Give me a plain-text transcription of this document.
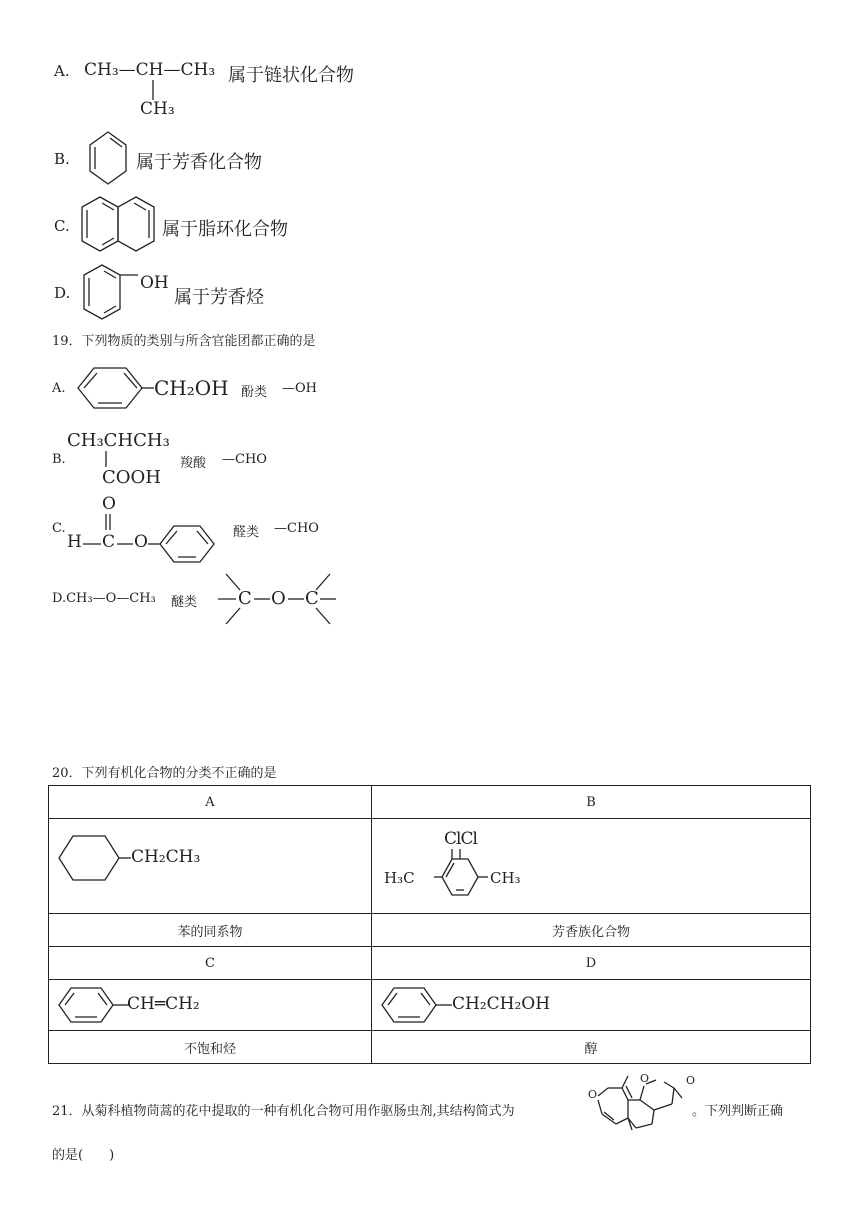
A. CH₃—CH—CH₃
CH₃
属于链状化合物
B.	属于芳香化合物
C.	属于脂环化合物
D.	OH
属于芳香烃
19．下列物质的类别与所含官能团都正确的是
A.	CH₂OH 酚类 —OH
B.
CH₃CHCH₃
COOH
羧酸 —CHO
C.
O
H C O	醛类 —CHO
D.CH₃—O—CH₃ 醚类 C O C
20．下列有机化合物的分类不正确的是
A	B

CH₂CH₃	ClCl
H₃C CH₃

苯的同系物	芳香族化合物
C	D

CH═CH₂	CH₂CH₂OH

不饱和烃	醇
21．从菊科植物茼蒿的花中提取的一种有机化合物可用作驱肠虫剂,其结构简式为
O
O	O
。下列判断正确
的是(　　)
